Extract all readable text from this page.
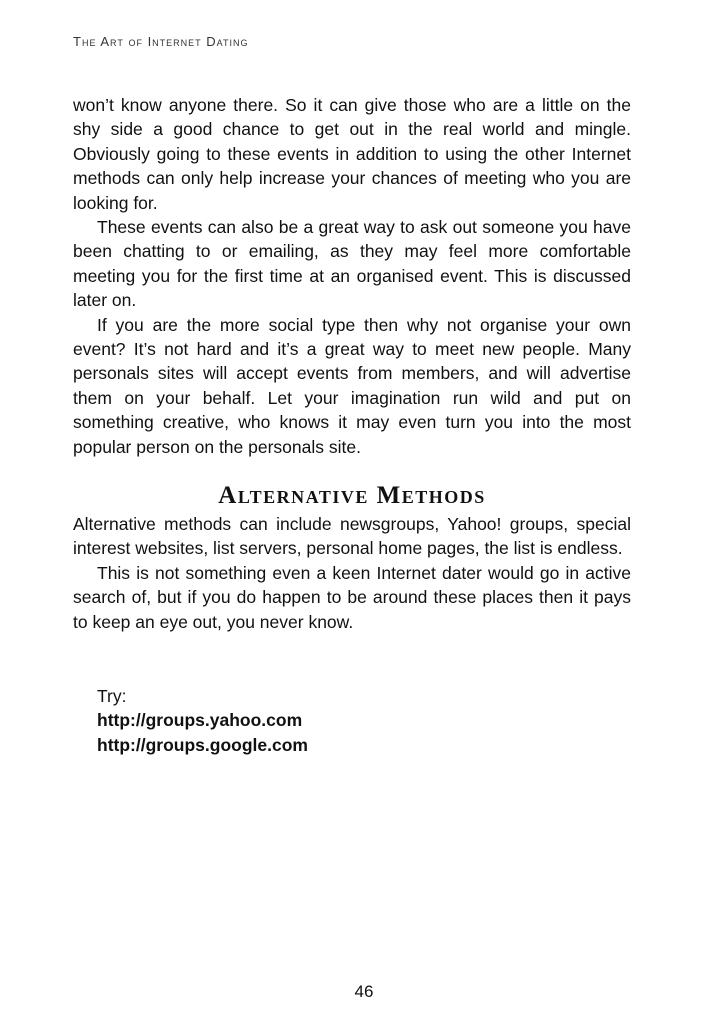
The Art of Internet Dating

won’t know anyone there. So it can give those who are a little on the shy side a good chance to get out in the real world and mingle. Obviously going to these events in addition to using the other Internet methods can only help increase your chances of meeting who you are looking for.

These events can also be a great way to ask out someone you have been chatting to or emailing, as they may feel more comfortable meeting you for the first time at an organised event. This is discussed later on.

If you are the more social type then why not organise your own event? It’s not hard and it’s a great way to meet new people. Many personals sites will accept events from members, and will advertise them on your behalf. Let your imagination run wild and put on something creative, who knows it may even turn you into the most popular person on the personals site.

Alternative Methods

Alternative methods can include newsgroups, Yahoo! groups, special interest websites, list servers, personal home pages, the list is endless.

This is not something even a keen Internet dater would go in active search of, but if you do happen to be around these places then it pays to keep an eye out, you never know.

Try:
http://groups.yahoo.com
http://groups.google.com
46
